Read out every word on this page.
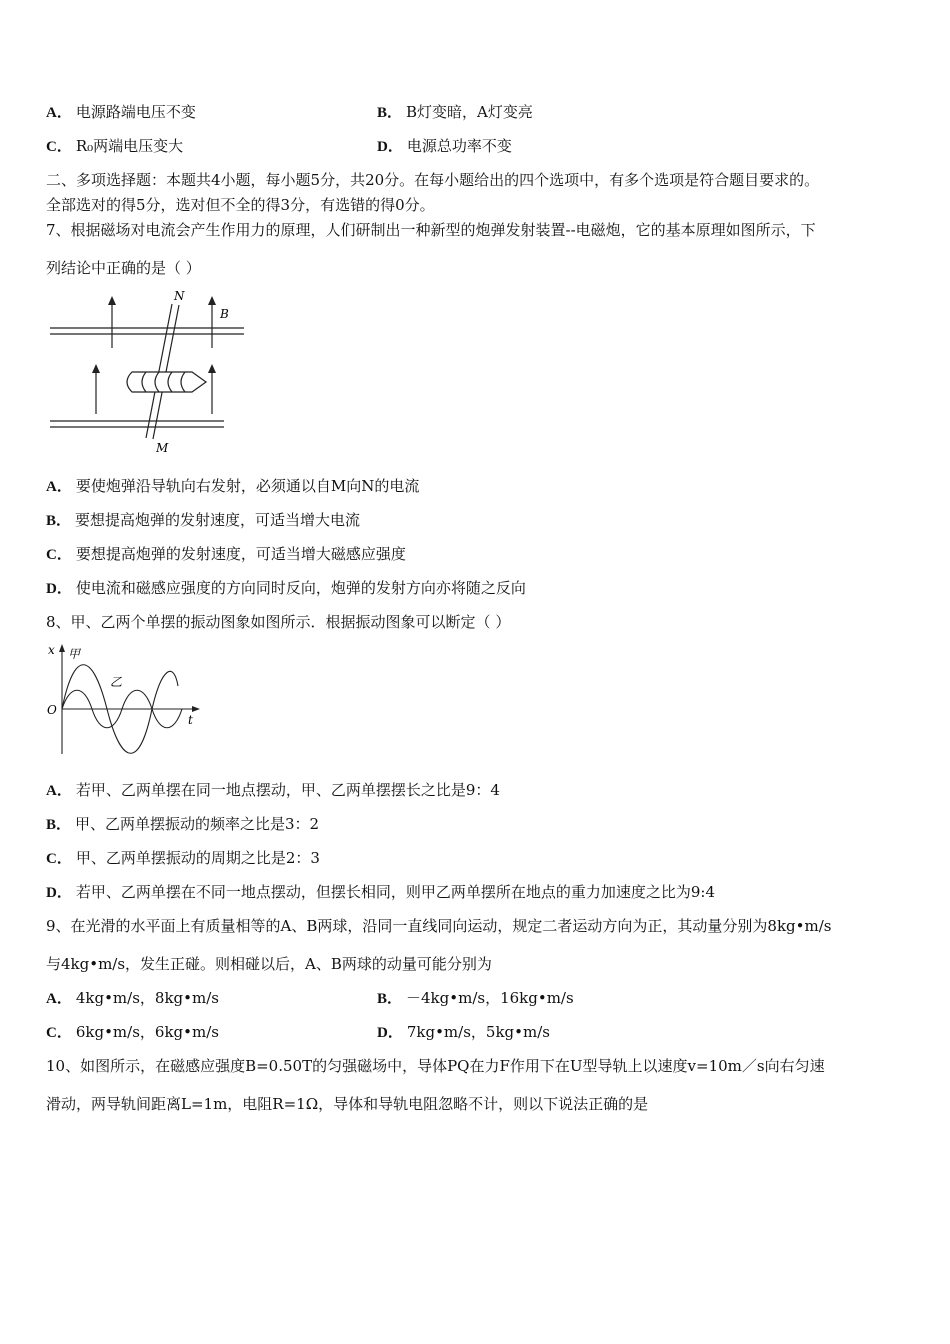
A． 电源路端电压不变	B． B灯变暗，A灯变亮
C． R₀两端电压变大	D． 电源总功率不变
二、多项选择题：本题共4小题，每小题5分，共20分。在每小题给出的四个选项中，有多个选项是符合题目要求的。
全部选对的得5分，选对但不全的得3分，有选错的得0分。
7、根据磁场对电流会产生作用力的原理，人们研制出一种新型的炮弹发射装置--电磁炮，它的基本原理如图所示，下
列结论中正确的是（ ）
N
B
M
A． 要使炮弹沿导轨向右发射，必须通以自M向N的电流
B． 要想提高炮弹的发射速度，可适当增大电流
C． 要想提高炮弹的发射速度，可适当增大磁感应强度
D． 使电流和磁感应强度的方向同时反向，炮弹的发射方向亦将随之反向
8、甲、乙两个单摆的振动图象如图所示．根据振动图象可以断定（ ）
x 甲
乙
O
t
A． 若甲、乙两单摆在同一地点摆动，甲、乙两单摆摆长之比是9：4
B． 甲、乙两单摆振动的频率之比是3：2
C． 甲、乙两单摆振动的周期之比是2：3
D． 若甲、乙两单摆在不同一地点摆动，但摆长相同，则甲乙两单摆所在地点的重力加速度之比为9:4
9、在光滑的水平面上有质量相等的A、B两球，沿同一直线同向运动，规定二者运动方向为正，其动量分别为8kg•m/s
与4kg•m/s，发生正碰。则相碰以后，A、B两球的动量可能分别为
A． 4kg•m/s，8kg•m/s	B． －4kg•m/s，16kg•m/s
C． 6kg•m/s，6kg•m/s	D． 7kg•m/s，5kg•m/s
10、如图所示，在磁感应强度B=0.50T的匀强磁场中，导体PQ在力F作用下在U型导轨上以速度v=10m／s向右匀速
滑动，两导轨间距离L=1m，电阻R=1Ω，导体和导轨电阻忽略不计，则以下说法正确的是
